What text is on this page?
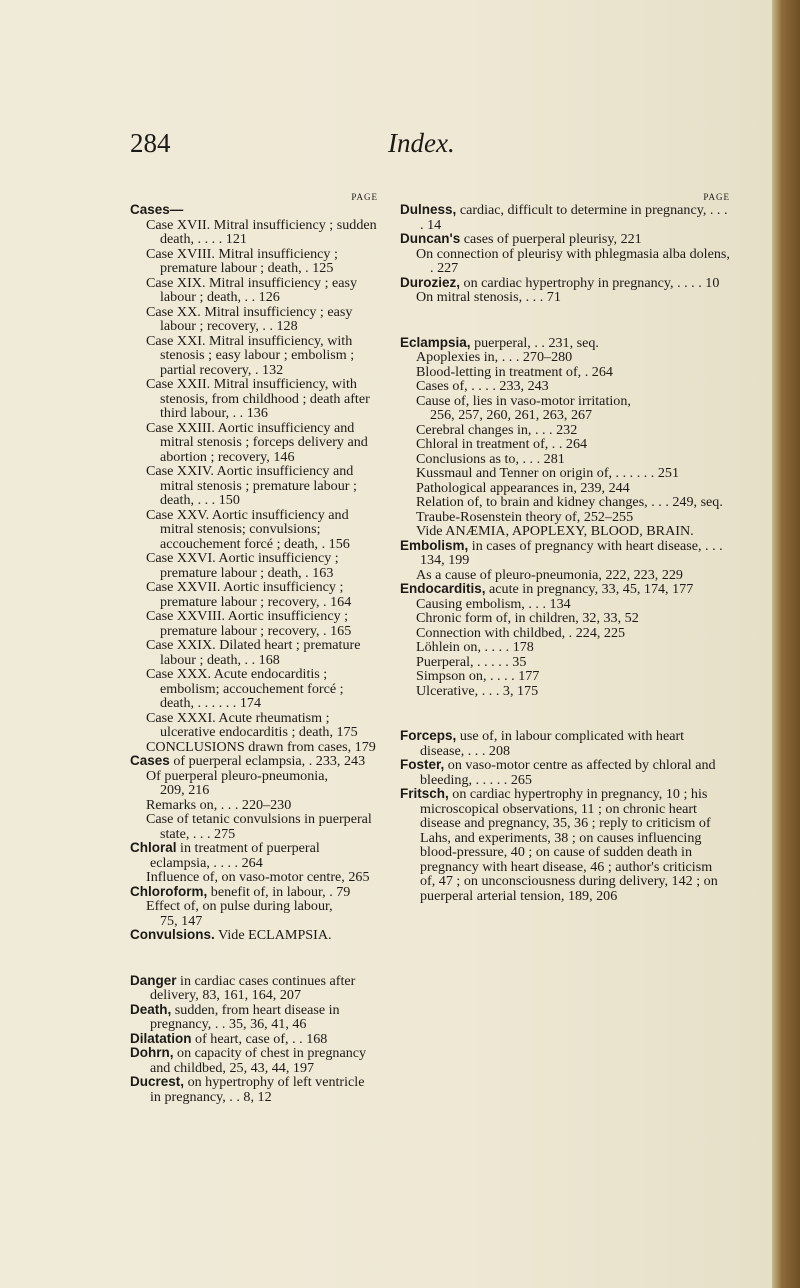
284	Index.
PAGE
Cases—
Case XVII. Mitral insufficiency ; sudden death, . . . . 121
Case XVIII. Mitral insufficiency ; premature labour ; death, . 125
Case XIX. Mitral insufficiency ; easy labour ; death, . . 126
Case XX. Mitral insufficiency ; easy labour ; recovery, . . 128
Case XXI. Mitral insufficiency, with stenosis ; easy labour ; embolism ; partial recovery, . 132
Case XXII. Mitral insufficiency, with stenosis, from childhood ; death after third labour, . . 136
Case XXIII. Aortic insufficiency and mitral stenosis ; forceps delivery and abortion ; recovery, 146
Case XXIV. Aortic insufficiency and mitral stenosis ; premature labour ; death, . . . 150
Case XXV. Aortic insufficiency and mitral stenosis; convulsions; accouchement forcé ; death, . 156
Case XXVI. Aortic insufficiency ; premature labour ; death, . 163
Case XXVII. Aortic insufficiency ; premature labour ; recovery, . 164
Case XXVIII. Aortic insufficiency ; premature labour ; recovery, . 165
Case XXIX. Dilated heart ; premature labour ; death, . . 168
Case XXX. Acute endocarditis ; embolism; accouchement forcé ; death, . . . . . . 174
Case XXXI. Acute rheumatism ; ulcerative endocarditis ; death, 175
CONCLUSIONS drawn from cases, 179
Cases of puerperal eclampsia, . 233, 243
Of puerperal pleuro-pneumonia, 209, 216
Remarks on, . . . 220–230
Case of tetanic convulsions in puerperal state, . . . 275
Chloral in treatment of puerperal eclampsia, . . . . 264
Influence of, on vaso-motor centre, 265
Chloroform, benefit of, in labour, . 79
Effect of, on pulse during labour, 75, 147
Convulsions. Vide ECLAMPSIA.
Danger in cardiac cases continues after delivery, 83, 161, 164, 207
Death, sudden, from heart disease in pregnancy, . . 35, 36, 41, 46
Dilatation of heart, case of, . . 168
Dohrn, on capacity of chest in pregnancy and childbed, 25, 43, 44, 197
Ducrest, on hypertrophy of left ventricle in pregnancy, . . 8, 12
PAGE
Dulness, cardiac, difficult to determine in pregnancy, . . . . 14
Duncan's cases of puerperal pleurisy, 221
On connection of pleurisy with phlegmasia alba dolens, . 227
Duroziez, on cardiac hypertrophy in pregnancy, . . . . 10
On mitral stenosis, . . . 71
Eclampsia, puerperal, . . 231, seq.
Apoplexies in, . . . 270–280
Blood-letting in treatment of, . 264
Cases of, . . . . 233, 243
Cause of, lies in vaso-motor irritation, 256, 257, 260, 261, 263, 267
Cerebral changes in, . . . 232
Chloral in treatment of, . . 264
Conclusions as to, . . . 281
Kussmaul and Tenner on origin of, . . . . . . 251
Pathological appearances in, 239, 244
Relation of, to brain and kidney changes, . . . 249, seq.
Traube-Rosenstein theory of, 252–255
Vide ANÆMIA, APOPLEXY, BLOOD, BRAIN.
Embolism, in cases of pregnancy with heart disease, . . . 134, 199
As a cause of pleuro-pneumonia, 222, 223, 229
Endocarditis, acute in pregnancy, 33, 45, 174, 177
Causing embolism, . . . 134
Chronic form of, in children, 32, 33, 52
Connection with childbed, . 224, 225
Löhlein on, . . . . 178
Puerperal, . . . . . 35
Simpson on, . . . . 177
Ulcerative, . . . 3, 175
Forceps, use of, in labour complicated with heart disease, . . . 208
Foster, on vaso-motor centre as affected by chloral and bleeding, . . . . . 265
Fritsch, on cardiac hypertrophy in pregnancy, 10 ; his microscopical observations, 11 ; on chronic heart disease and pregnancy, 35, 36 ; reply to criticism of Lahs, and experiments, 38 ; on causes influencing blood-pressure, 40 ; on cause of sudden death in pregnancy with heart disease, 46 ; author's criticism of, 47 ; on unconsciousness during delivery, 142 ; on puerperal arterial tension, 189, 206
